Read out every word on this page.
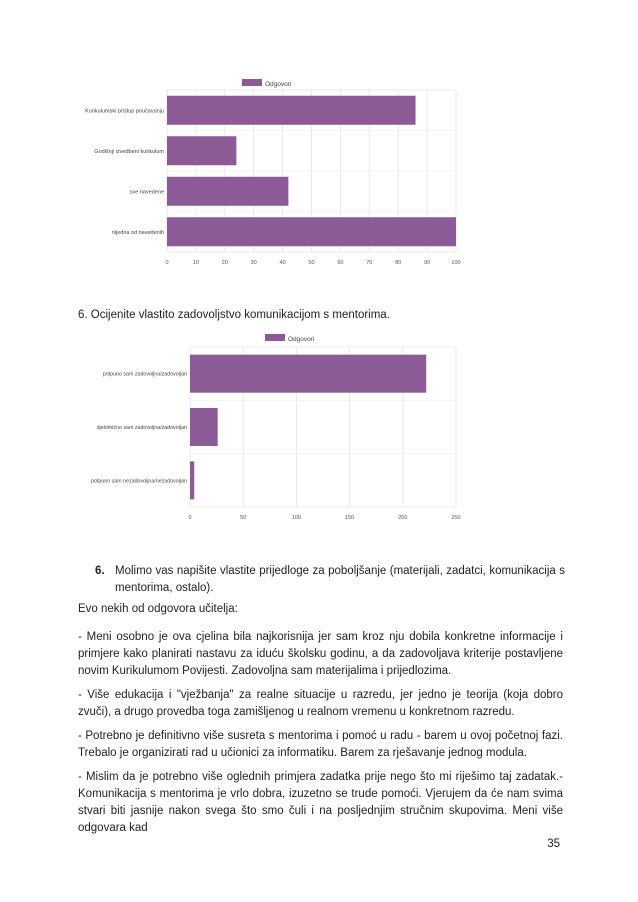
Odgovori
0	10	20	30	40	50	60	70	80	90	100
Kurikulumski pristup poučavanju
Godišnji izvedbeni kurikulum
sve navedene
nijedna od navedenih
6. Ocijenite vlastito zadovoljstvo komunikacijom s mentorima.
Odgovori
0	50	100	150	200	250
potpuno sam zadovoljna/zadovoljan
djelomično sam zadovoljna/zadovoljan
potpuno sam nezadovoljna/nezadovoljan
6. Molimo vas napišite vlastite prijedloge za poboljšanje (materijali, zadatci, komunikacija s mentorima, ostalo).
Evo nekih od odgovora učitelja:
- Meni osobno je ova cjelina bila najkorisnija jer sam kroz nju dobila konkretne informacije i primjere kako planirati nastavu za iduću školsku godinu, a da zadovoljava kriterije postavljene novim Kurikulumom Povijesti. Zadovoljna sam materijalima i prijedlozima.
- Više edukacija i "vježbanja" za realne situacije u razredu, jer jedno je teorija (koja dobro zvuči), a drugo provedba toga zamišljenog u realnom vremenu u konkretnom razredu.
- Potrebno je definitivno više susreta s mentorima i pomoć u radu - barem u ovoj početnoj fazi. Trebalo je organizirati rad u učionici za informatiku. Barem za rješavanje jednog modula.
- Mislim da je potrebno više oglednih primjera zadatka prije nego što mi riješimo taj zadatak.- Komunikacija s mentorima je vrlo dobra, izuzetno se trude pomoći. Vjerujem da će nam svima stvari biti jasnije nakon svega što smo čuli i na posljednjim stručnim skupovima. Meni više odgovara kad
35
